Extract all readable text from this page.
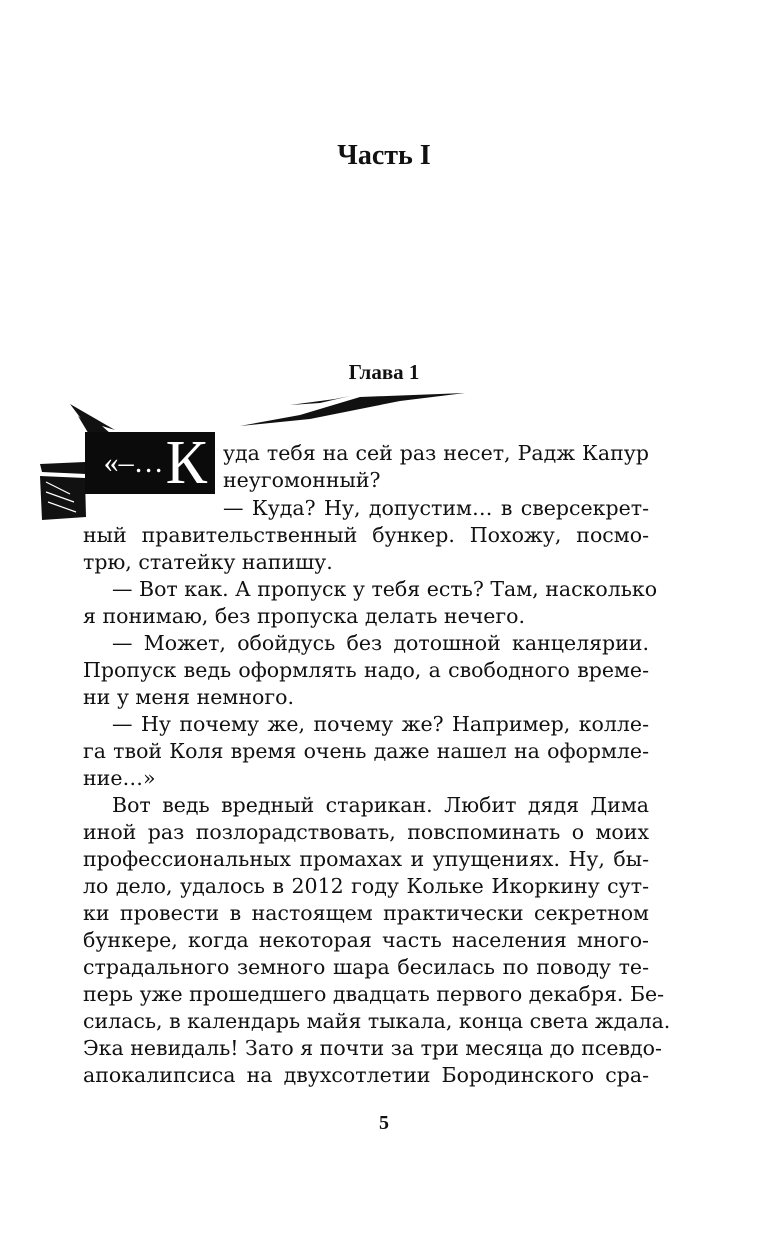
Часть I
Глава 1
«–… К уда тебя на сей раз несет, Радж Капур
неугомонный?
— Куда? Ну, допустим… в сверсекрет-
ный правительственный бункер. Похожу, посмо-
трю, статейку напишу.
— Вот как. А пропуск у тебя есть? Там, насколько
я понимаю, без пропуска делать нечего.
— Может, обойдусь без дотошной канцелярии.
Пропуск ведь оформлять надо, а свободного време-
ни у меня немного.
— Ну почему же, почему же? Например, колле-
га твой Коля время очень даже нашел на оформле-
ние…»
Вот ведь вредный старикан. Любит дядя Дима
иной раз позлорадствовать, повспоминать о моих
профессиональных промахах и упущениях. Ну, бы-
ло дело, удалось в 2012 году Кольке Икоркину сут-
ки провести в настоящем практически секретном
бункере, когда некоторая часть населения много-
страдального земного шара бесилась по поводу те-
перь уже прошедшего двадцать первого декабря. Бе-
силась, в календарь майя тыкала, конца света ждала.
Эка невидаль! Зато я почти за три месяца до псевдо-
апокалипсиса на двухсотлетии Бородинского сра-
5
